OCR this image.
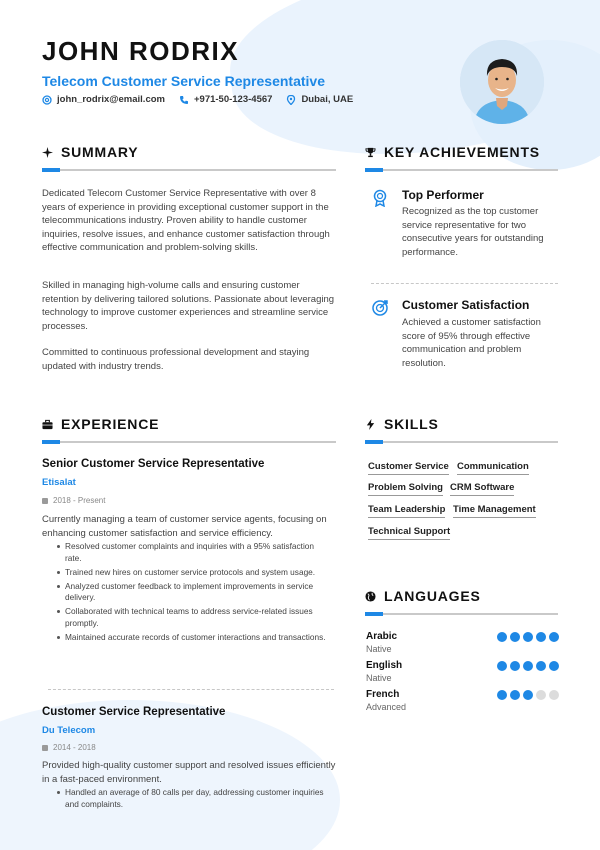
JOHN RODRIX
Telecom Customer Service Representative
john_rodrix@email.com	+971-50-123-4567	Dubai, UAE
SUMMARY
Dedicated Telecom Customer Service Representative with over 8 years of experience in providing exceptional customer support in the telecommunications industry. Proven ability to handle customer inquiries, resolve issues, and enhance customer satisfaction through effective communication and problem-solving skills.
Skilled in managing high-volume calls and ensuring customer retention by delivering tailored solutions. Passionate about leveraging technology to improve customer experiences and streamline service processes.
Committed to continuous professional development and staying updated with industry trends.
KEY ACHIEVEMENTS
Top Performer
Recognized as the top customer service representative for two consecutive years for outstanding performance.
Customer Satisfaction
Achieved a customer satisfaction score of 95% through effective communication and problem resolution.
EXPERIENCE
Senior Customer Service Representative
Etisalat
2018 - Present
Currently managing a team of customer service agents, focusing on enhancing customer satisfaction and service efficiency.
Resolved customer complaints and inquiries with a 95% satisfaction rate.
Trained new hires on customer service protocols and system usage.
Analyzed customer feedback to implement improvements in service delivery.
Collaborated with technical teams to address service-related issues promptly.
Maintained accurate records of customer interactions and transactions.
Customer Service Representative
Du Telecom
2014 - 2018
Provided high-quality customer support and resolved issues efficiently in a fast-paced environment.
Handled an average of 80 calls per day, addressing customer inquiries and complaints.
SKILLS
Customer Service Communication
Problem Solving CRM Software
Team Leadership Time Management
Technical Support
LANGUAGES
Arabic
Native
English
Native
French
Advanced
